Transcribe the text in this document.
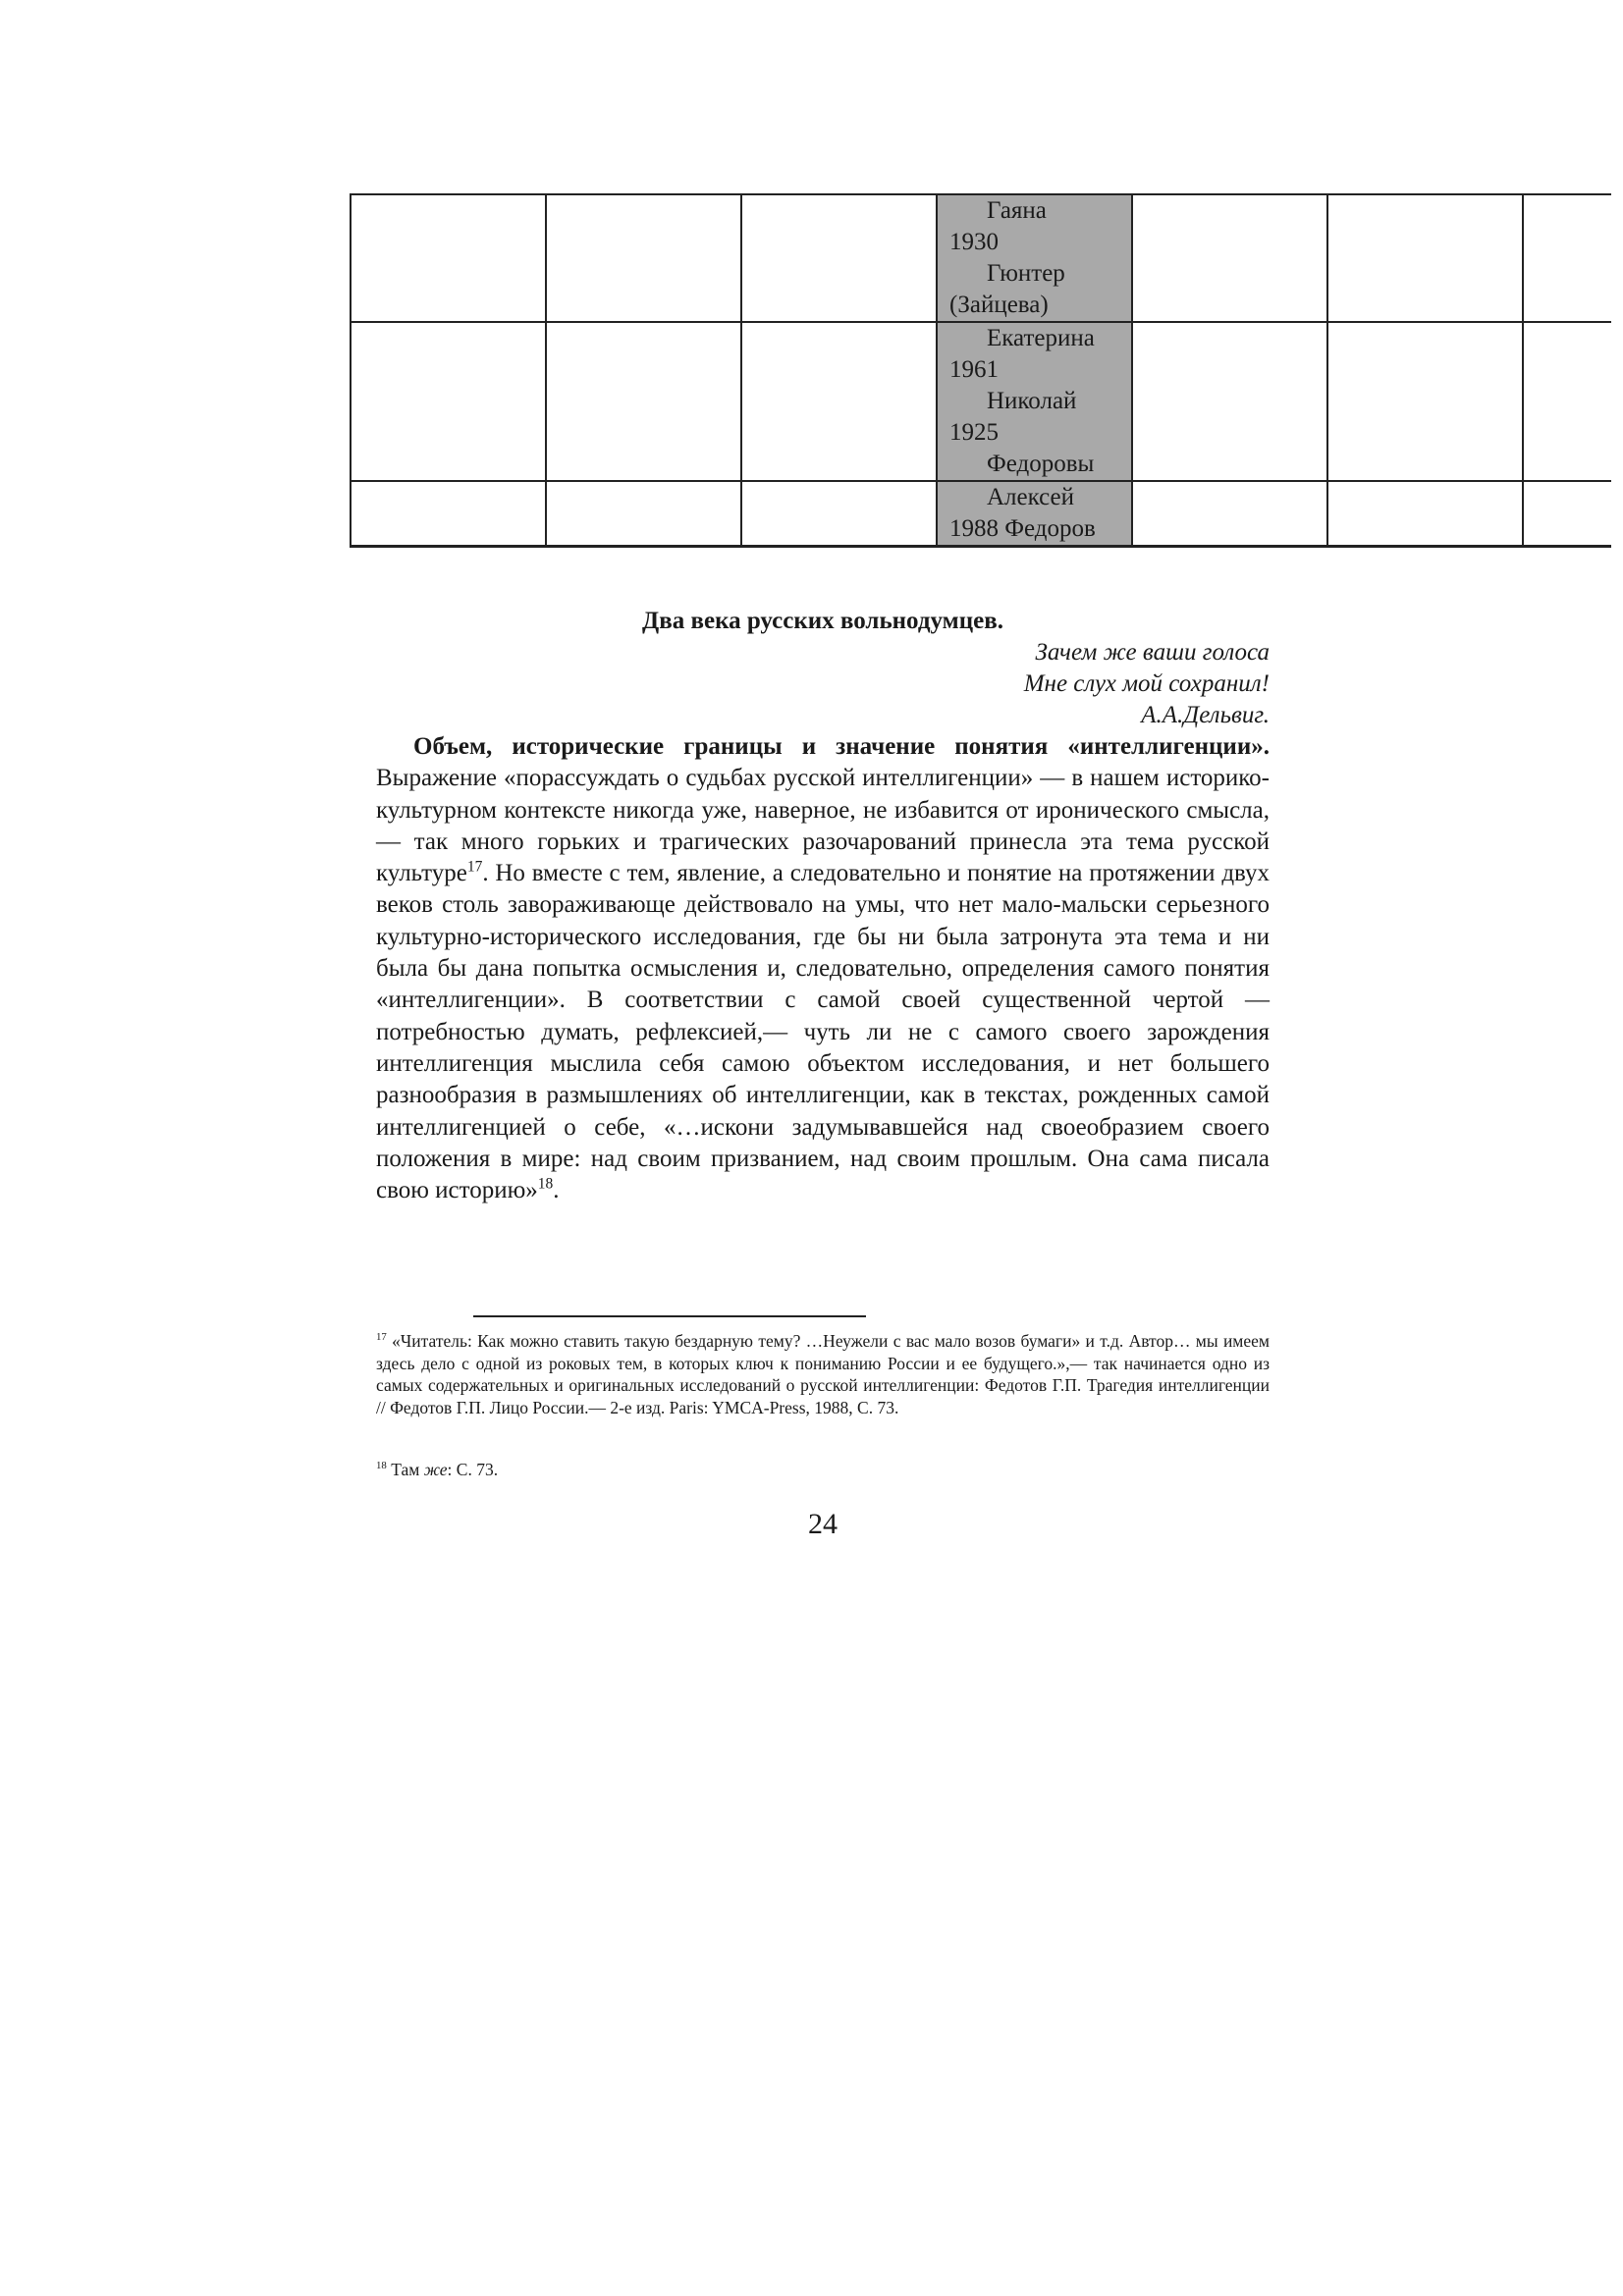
			Гаяна
1930
Гюнтер
(Зайцева)			

			Екатерина
1961
Николай
1925
Федоровы			

			Алексей
1988 Федоров			

Два века русских вольнодумцев.
Зачем же ваши голоса
Мне слух мой сохранил!
А.А.Дельвиг.

Объем, исторические границы и значение понятия «интеллигенции». Выражение «порассуждать о судьбах русской интеллигенции» — в нашем историко-культурном контексте никогда уже, наверное, не избавится от иронического смысла,— так много горьких и трагических разочарований принесла эта тема русской культуре$^{17}$. Но вместе с тем, явление, а следовательно и понятие на протяжении двух веков столь завораживающе действовало на умы, что нет мало-мальски серьезного культурно-исторического исследования, где бы ни была затронута эта тема и ни была бы дана попытка осмысления и, следовательно, определения самого понятия «интеллигенции». В соответствии с самой своей существенной чертой — потребностью думать, рефлексией,— чуть ли не с самого своего зарождения интеллигенция мыслила себя самою объектом исследования, и нет большего разнообразия в размышлениях об интеллигенции, как в текстах, рожденных самой интеллигенцией о себе, «…искони задумывавшейся над своеобразием своего положения в мире: над своим призванием, над своим прошлым. Она сама писала свою историю»$^{18}$.

$^{17}$ «Читатель: Как можно ставить такую бездарную тему? …Неужели с вас мало возов бумаги» и т.д. Автор… мы имеем здесь дело с одной из роковых тем, в которых ключ к пониманию России и ее будущего.»,— так начинается одно из самых содержательных и оригинальных исследований о русской интеллигенции: Федотов Г.П. Трагедия интеллигенции // Федотов Г.П. Лицо России.— 2-е изд. Paris: YMCA-Press, 1988, С. 73.

$^{18}$ Там же: С. 73.

24
